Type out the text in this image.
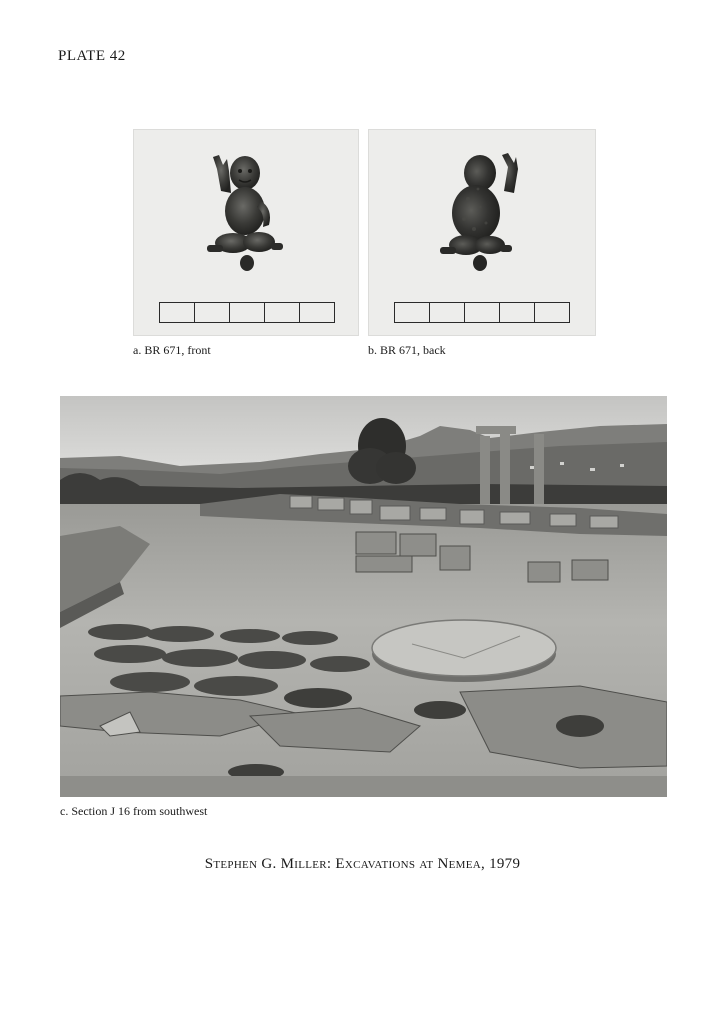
PLATE 42
a. BR 671, front	b. BR 671, back
c. Section J 16 from southwest
Stephen G. Miller: Excavations at Nemea, 1979
